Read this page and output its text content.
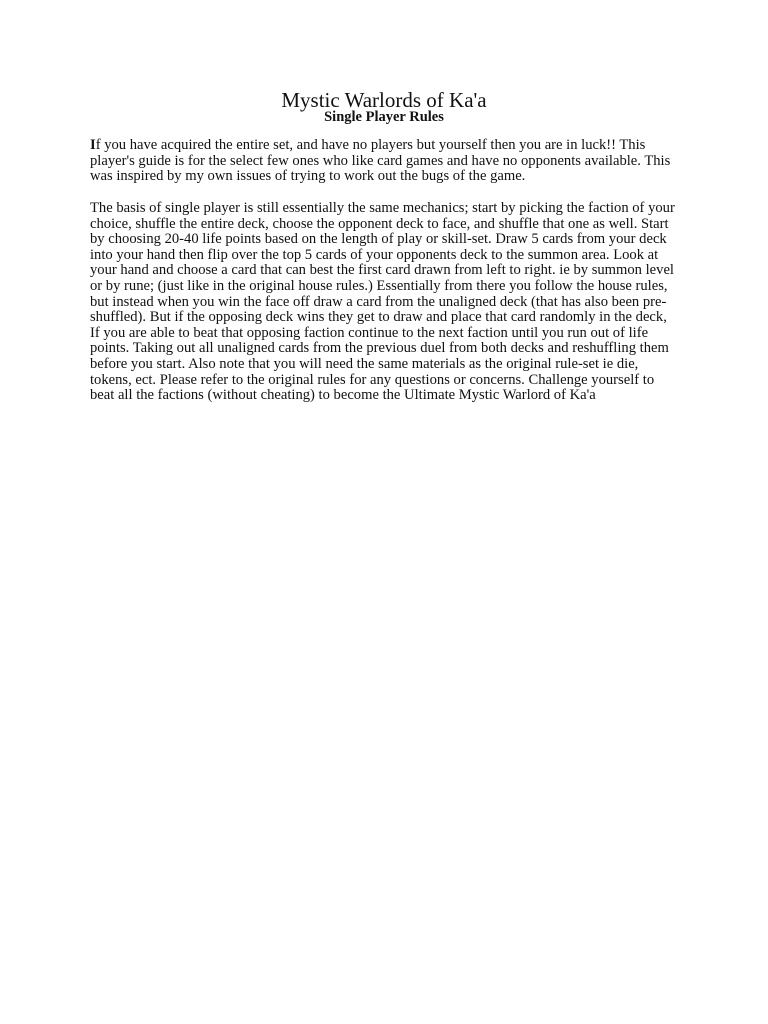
Mystic Warlords of Ka'a
Single Player Rules

If you have acquired the entire set, and have no players but yourself then you are in luck!! This player's guide is for the select few ones who like card games and have no opponents available. This was inspired by my own issues of trying to work out the bugs of the game.

The basis of single player is still essentially the same mechanics; start by picking the faction of your choice, shuffle the entire deck, choose the opponent deck to face, and shuffle that one as well. Start by choosing 20-40 life points based on the length of play or skill-set. Draw 5 cards from your deck into your hand then flip over the top 5 cards of your opponents deck to the summon area. Look at your hand and choose a card that can best the first card drawn from left to right. ie by summon level or by rune; (just like in the original house rules.) Essentially from there you follow the house rules, but instead when you win the face off draw a card from the unaligned deck (that has also been pre-shuffled). But if the opposing deck wins they get to draw and place that card randomly in the deck, If you are able to beat that opposing faction continue to the next faction until you run out of life points. Taking out all unaligned cards from the previous duel from both decks and reshuffling them before you start. Also note that you will need the same materials as the original rule-set ie die, tokens, ect. Please refer to the original rules for any questions or concerns. Challenge yourself to beat all the factions (without cheating) to become the Ultimate Mystic Warlord of Ka'a
